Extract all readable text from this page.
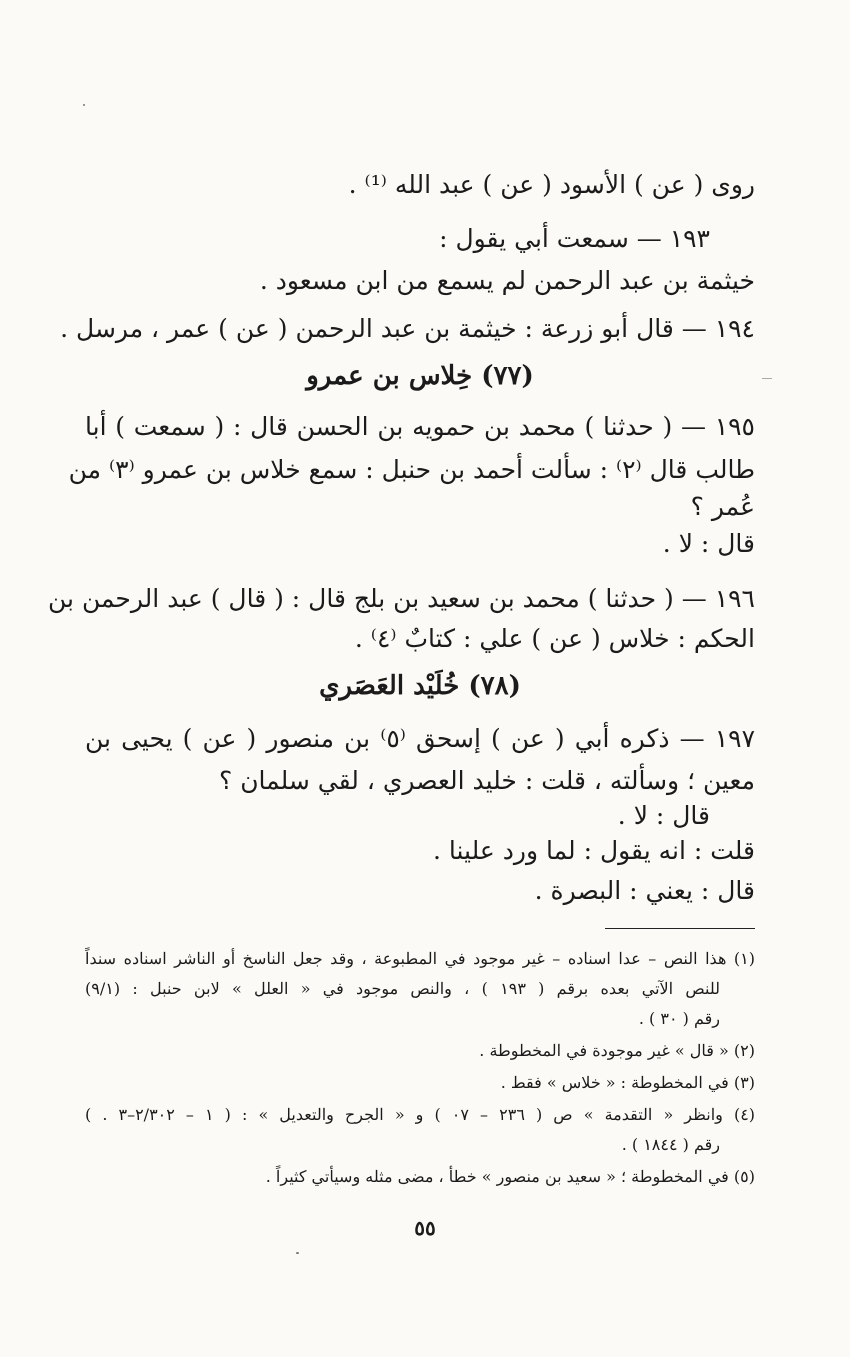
روى ( عن ) الأسود ( عن ) عبد الله ⁽¹⁾ .
١٩٣ — سمعت أبي يقول :
خيثمة بن عبد الرحمن لم يسمع من ابن مسعود .
١٩٤ — قال أبو زرعة : خيثمة بن عبد الرحمن ( عن ) عمر ، مرسل .
(٧٧) خِلاس بن عمرو
١٩٥ — ( حدثنا ) محمد بن حمويه بن الحسن قال : ( سمعت ) أبا
طالب قال ⁽٢⁾ : سألت أحمد بن حنبل : سمع خلاس بن عمرو ⁽٣⁾ من
عُمر ؟
قال : لا .
١٩٦ — ( حدثنا ) محمد بن سعيد بن بلج قال : ( قال ) عبد الرحمن بن
الحكم : خلاس ( عن ) علي : كتابٌ ⁽٤⁾ .
(٧٨) خُلَيْد العَصَري
١٩٧ — ذكره أبي ( عن ) إسحق ⁽٥⁾ بن منصور ( عن ) يحيى بن
معين ؛ وسألته ، قلت : خليد العصري ، لقي سلمان ؟
قال : لا .
قلت : انه يقول : لما ورد علينا .
قال : يعني : البصرة .
(١) هذا النص – عدا اسناده – غير موجود في المطبوعة ، وقد جعل الناسخ أو الناشر اسناده سنداً
للنص الآتي بعده برقم ( ١٩٣ ) ، والنص موجود في « العلل » لابن حنبل : (٩/١)
رقم ( ٣٠ ) .
(٢) « قال » غير موجودة في المخطوطة .
(٣) في المخطوطة : « خلاس » فقط .
(٤) وانظر « التقدمة » ص ( ٢٣٦ – ٠٧ ) و « الجرح والتعديل » : ( ١ – ٢/٣٠٢–٣ . )
رقم ( ١٨٤٤ ) .
(٥) في المخطوطة ؛ « سعيد بن منصور » خطأ ، مضى مثله وسيأتي كثيراً .
٥٥
